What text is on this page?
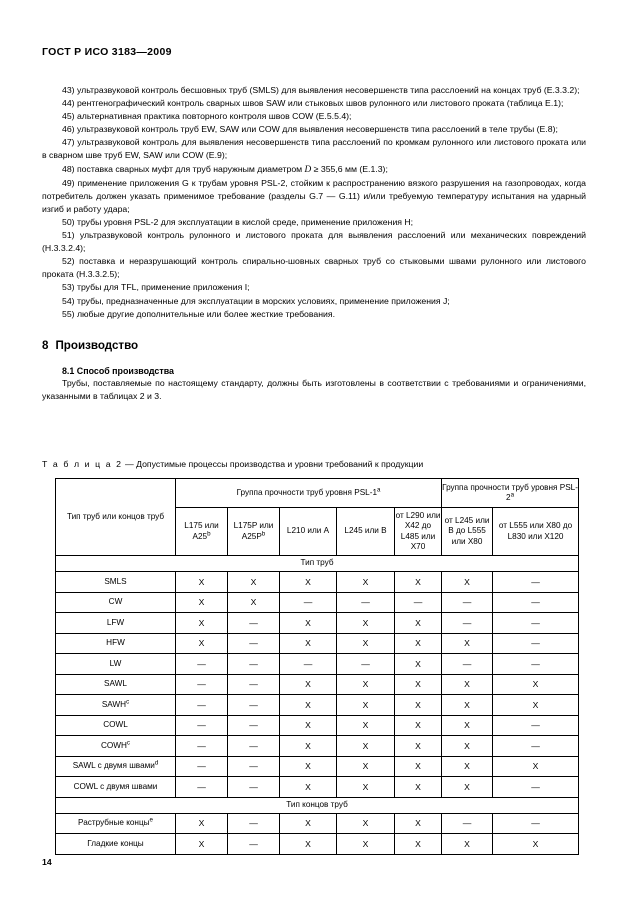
ГОСТ Р ИСО 3183—2009

43) ультразвуковой контроль бесшовных труб (SMLS) для выявления несовершенств типа расслоений на концах труб (E.3.3.2);

44) рентгенографический контроль сварных швов SAW или стыковых швов рулонного или листового проката (таблица E.1);

45) альтернативная практика повторного контроля швов COW (E.5.5.4);

46) ультразвуковой контроль труб EW, SAW или COW для выявления несовершенств типа расслоений в теле трубы (E.8);

47) ультразвуковой контроль для выявления несовершенств типа расслоений по кромкам рулонного или листового проката или в сварном шве труб EW, SAW или COW (E.9);

48) поставка сварных муфт для труб наружным диаметром D ≥ 355,6 мм (E.1.3);

49) применение приложения G к трубам уровня PSL-2, стойким к распространению вязкого разрушения на газопроводах, когда потребитель должен указать применимое требование (разделы G.7 — G.11) и/или требуемую температуру испытания на ударный изгиб и работу удара;

50) трубы уровня PSL-2 для эксплуатации в кислой среде, применение приложения H;

51) ультразвуковой контроль рулонного и листового проката для выявления расслоений или механических повреждений (H.3.3.2.4);

52) поставка и неразрушающий контроль спирально-шовных сварных труб со стыковыми швами рулонного или листового проката (H.3.3.2.5);

53) трубы для TFL, применение приложения I;

54) трубы, предназначенные для эксплуатации в морских условиях, применение приложения J;

55) любые другие дополнительные или более жесткие требования.

8 Производство

8.1 Способ производства

Трубы, поставляемые по настоящему стандарту, должны быть изготовлены в соответствии с требованиями и ограничениями, указанными в таблицах 2 и 3.

Т а б л и ц а 2 — Допустимые процессы производства и уровни требований к продукции
Тип труб или концов труб	Группа прочности труб уровня PSL-1$^a$					Группа прочности труб уровня PSL-2$^a$
	L175 или A25$^b$	L175P или $A25P^b$	L210 или A	L245 или B	от L290 или X42 до L485 или X70	от L245 или B до L555 или X80	от L555 или X80 до L830 или X120
Тип труб							
SMLS	X	X	X	X	X	X	—
CW	X	X	—	—	—	—	—
LFW	X	—	X	X	X	—	—
HFW	X	—	X	X	X	X	—
LW	—	—	—	—	X	—	—
SAWL	—	—	X	X	X	X	X
SAWH$^c$	—	—	X	X	X	X	X
COWL	—	—	X	X	X	X	—
COWH$^c$	—	—	X	X	X	X	—
SAWL с двумя швами$^d$	—	—	X	X	X	X	X
COWL с двумя швами	—	—	X	X	X	X	—
Тип концов труб							
Раструбные концы$^e$	X	—	X	X	X	—	—
Гладкие концы	X	—	X	X	X	X	X
14
